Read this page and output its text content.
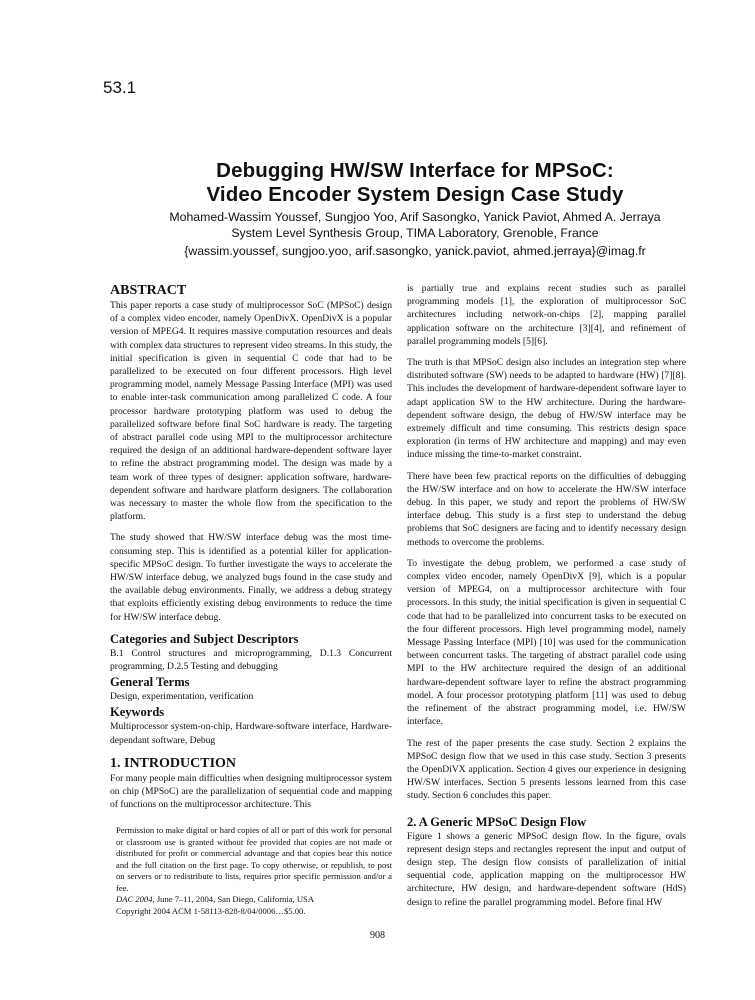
53.1
Debugging HW/SW Interface for MPSoC:
Video Encoder System Design Case Study
Mohamed-Wassim Youssef, Sungjoo Yoo, Arif Sasongko, Yanick Paviot, Ahmed A. Jerraya
System Level Synthesis Group, TIMA Laboratory, Grenoble, France
{wassim.youssef, sungjoo.yoo, arif.sasongko, yanick.paviot, ahmed.jerraya}@imag.fr
ABSTRACT

This paper reports a case study of multiprocessor SoC (MPSoC) design of a complex video encoder, namely OpenDivX. OpenDivX is a popular version of MPEG4. It requires massive computation resources and deals with complex data structures to represent video streams. In this study, the initial specification is given in sequential C code that had to be parallelized to be executed on four different processors. High level programming model, namely Message Passing Interface (MPI) was used to enable inter-task communication among parallelized C code. A four processor hardware prototyping platform was used to debug the parallelized software before final SoC hardware is ready. The targeting of abstract parallel code using MPI to the multiprocessor architecture required the design of an additional hardware-dependent software layer to refine the abstract programming model. The design was made by a team work of three types of designer: application software, hardware-dependent software and hardware platform designers. The collaboration was necessary to master the whole flow from the specification to the platform.

The study showed that HW/SW interface debug was the most time-consuming step. This is identified as a potential killer for application-specific MPSoC design. To further investigate the ways to accelerate the HW/SW interface debug, we analyzed bugs found in the case study and the available debug environments. Finally, we address a debug strategy that exploits efficiently existing debug environments to reduce the time for HW/SW interface debug.

Categories and Subject Descriptors

B.1 Control structures and microprogramming, D.1.3 Concurrent programming, D.2.5 Testing and debugging

General Terms

Design, experimentation, verification

Keywords

Multiprocessor system-on-chip, Hardware-software interface, Hardware-dependant software, Debug

1. INTRODUCTION

For many people main difficulties when designing multiprocessor system on chip (MPSoC) are the parallelization of sequential code and mapping of functions on the multiprocessor architecture. This

Permission to make digital or hard copies of all or part of this work for personal or classroom use is granted without fee provided that copies are not made or distributed for profit or commercial advantage and that copies bear this notice and the full citation on the first page. To copy otherwise, or republish, to post on servers or to redistribute to lists, requires prior specific permission and/or a fee.

DAC 2004, June 7–11, 2004, San Diego, California, USA

Copyright 2004 ACM 1-58113-828-8/04/0006…$5.00.

is partially true and explains recent studies such as parallel programming models [1], the exploration of multiprocessor SoC architectures including network-on-chips [2], mapping parallel application software on the architecture [3][4], and refinement of parallel programming models [5][6].

The truth is that MPSoC design also includes an integration step where distributed software (SW) needs to be adapted to hardware (HW) [7][8]. This includes the development of hardware-dependent software layer to adapt application SW to the HW architecture. During the hardware-dependent software design, the debug of HW/SW interface may be extremely difficult and time consuming. This restricts design space exploration (in terms of HW architecture and mapping) and may even induce missing the time-to-market constraint.

There have been few practical reports on the difficulties of debugging the HW/SW interface and on how to accelerate the HW/SW interface debug. In this paper, we study and report the problems of HW/SW interface debug. This study is a first step to understand the debug problems that SoC designers are facing and to identify necessary design methods to overcome the problems.

To investigate the debug problem, we performed a case study of complex video encoder, namely OpenDivX [9], which is a popular version of MPEG4, on a multiprocessor architecture with four processors. In this study, the initial specification is given in sequential C code that had to be parallelized into concurrent tasks to be executed on the four different processors. High level programming model, namely Message Passing Interface (MPI) [10] was used for the communication between concurrent tasks. The targeting of abstract parallel code using MPI to the HW architecture required the design of an additional hardware-dependent software layer to refine the abstract programming model. A four processor prototyping platform [11] was used to debug the refinement of the abstract programming model, i.e. HW/SW interface.

The rest of the paper presents the case study. Section 2 explains the MPSoC design flow that we used in this case study. Section 3 presents the OpenDiVX application. Section 4 gives our experience in designing HW/SW interfaces. Section 5 presents lessons learned from this case study. Section 6 concludes this paper.

2. A Generic MPSoC Design Flow

Figure 1 shows a generic MPSoC design flow. In the figure, ovals represent design steps and rectangles represent the input and output of design step. The design flow consists of parallelization of initial sequential code, application mapping on the multiprocessor HW architecture, HW design, and hardware-dependent software (HdS) design to refine the parallel programming model. Before final HW

908
